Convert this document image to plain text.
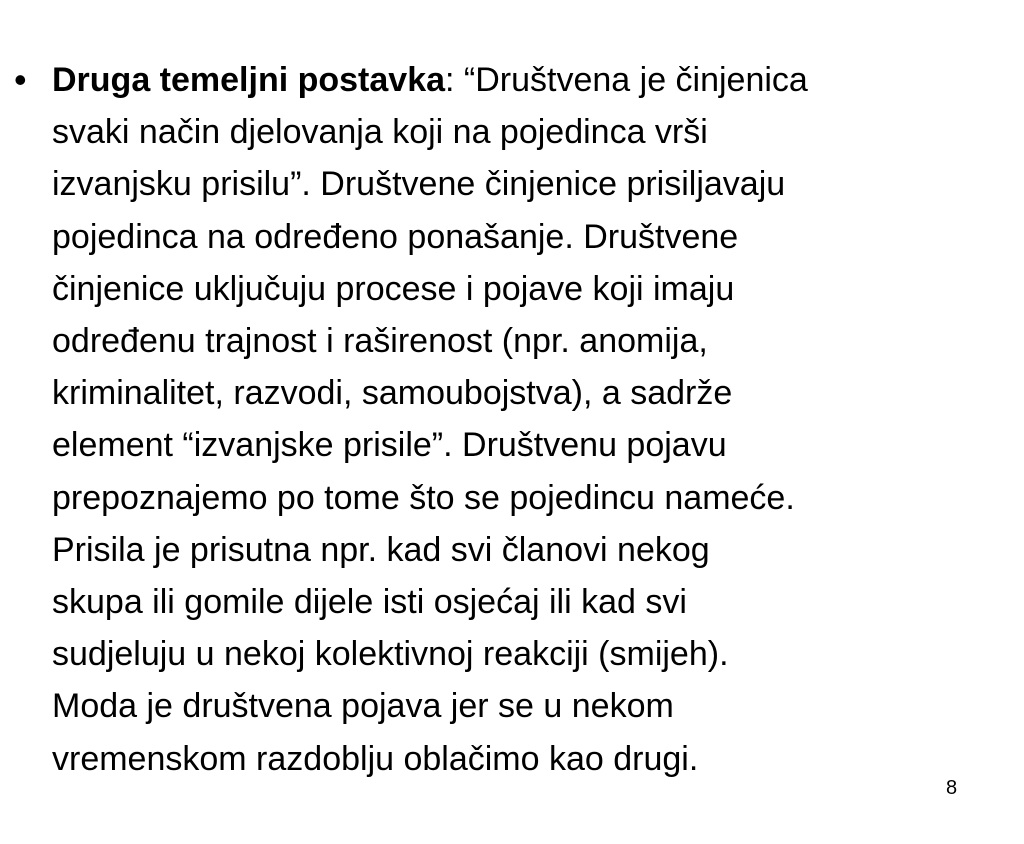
• Druga temeljni postavka: “Društvena je činjenica
svaki način djelovanja koji na pojedinca vrši
izvanjsku prisilu”. Društvene činjenice prisiljavaju
pojedinca na određeno ponašanje. Društvene
činjenice uključuju procese i pojave koji imaju
određenu trajnost i raširenost (npr. anomija,
kriminalitet, razvodi, samoubojstva), a sadrže
element “izvanjske prisile”. Društvenu pojavu
prepoznajemo po tome što se pojedincu nameće.
Prisila je prisutna npr. kad svi članovi nekog
skupa ili gomile dijele isti osjećaj ili kad svi
sudjeluju u nekoj kolektivnoj reakciji (smijeh).
Moda je društvena pojava jer se u nekom
vremenskom razdoblju oblačimo kao drugi.
8
